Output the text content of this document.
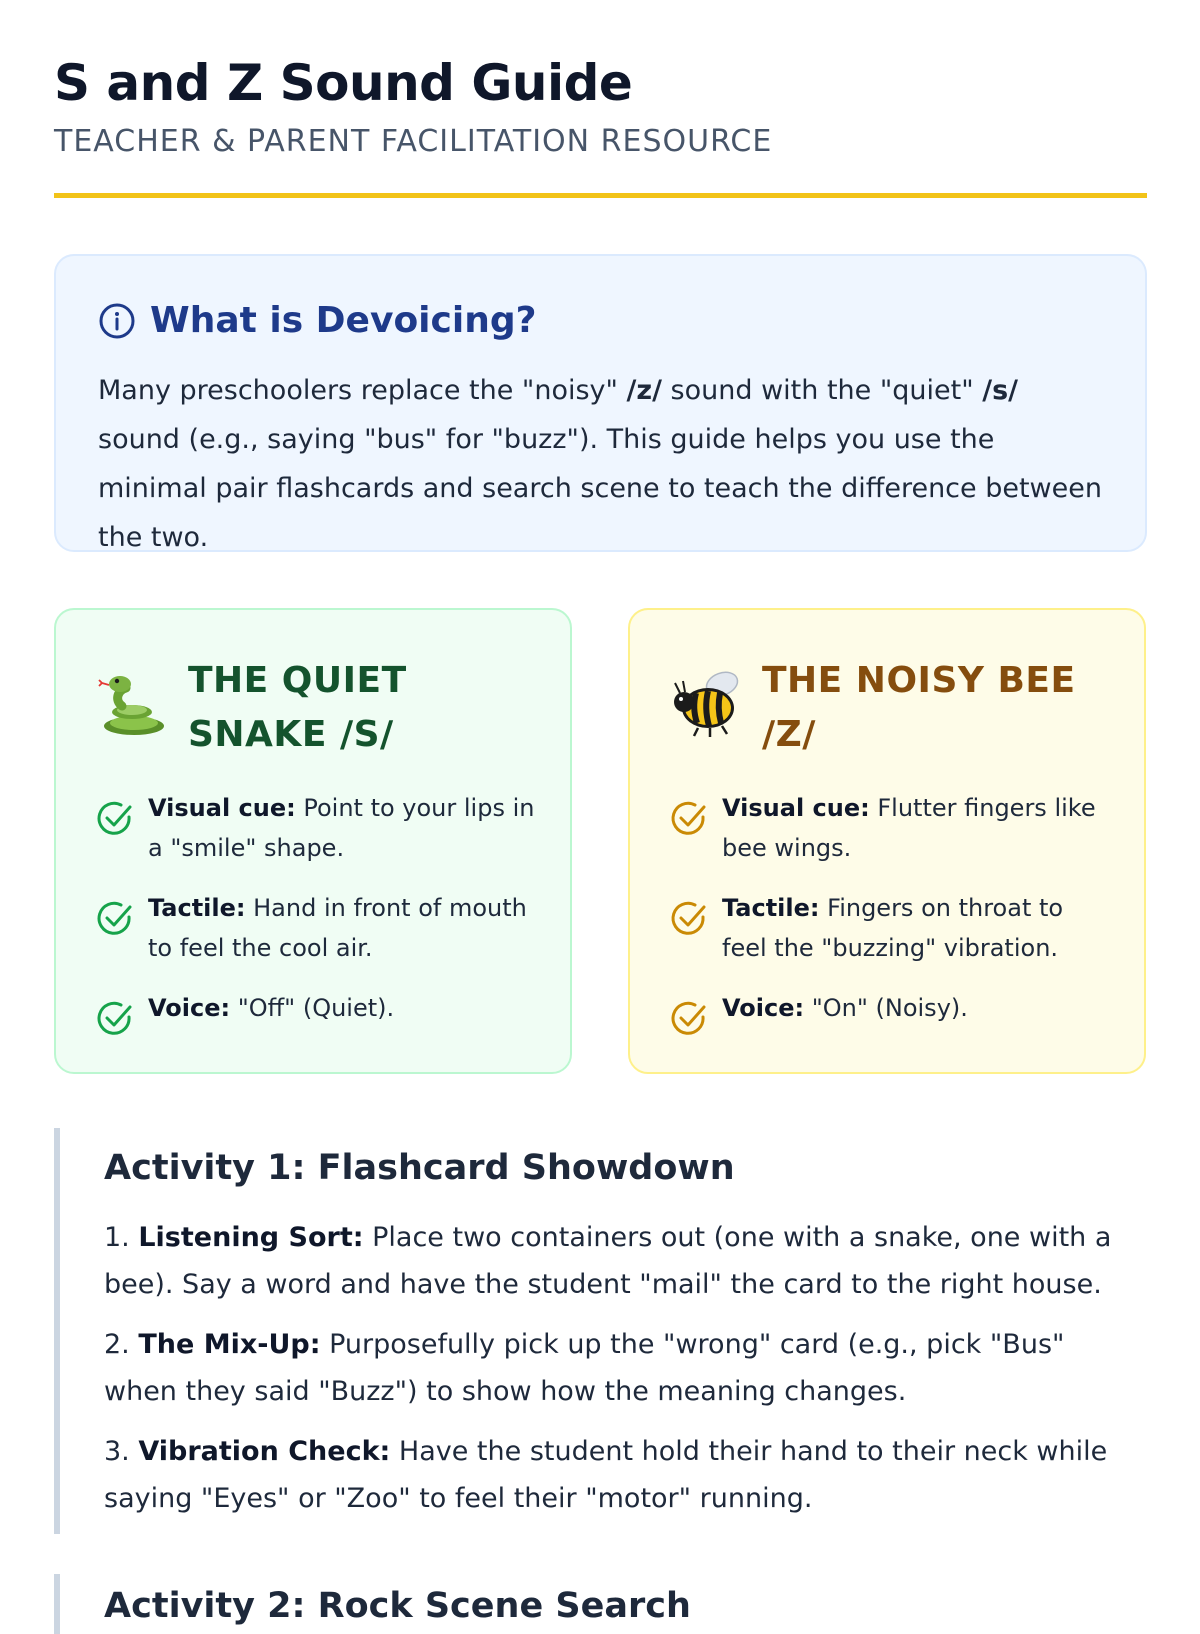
S and Z Sound Guide
TEACHER & PARENT FACILITATION RESOURCE
What is Devoicing?

Many preschoolers replace the "noisy" /z/ sound with the "quiet" /s/ sound (e.g., saying "bus" for "buzz"). This guide helps you use the minimal pair flashcards and search scene to teach the difference between the two.

THE QUIET SNAKE /S/
Visual cue: Point to your lips in a "smile" shape.
Tactile: Hand in front of mouth to feel the cool air.
Voice: "Off" (Quiet).
THE NOISY BEE /Z/
Visual cue: Flutter fingers like bee wings.
Tactile: Fingers on throat to feel the "buzzing" vibration.
Voice: "On" (Noisy).
Activity 1: Flashcard Showdown

1. Listening Sort: Place two containers out (one with a snake, one with a bee). Say a word and have the student "mail" the card to the right house.

2. The Mix-Up: Purposefully pick up the "wrong" card (e.g., pick "Bus" when they said "Buzz") to show how the meaning changes.

3. Vibration Check: Have the student hold their hand to their neck while saying "Eyes" or "Zoo" to feel their "motor" running.

Activity 2: Rock Scene Search
